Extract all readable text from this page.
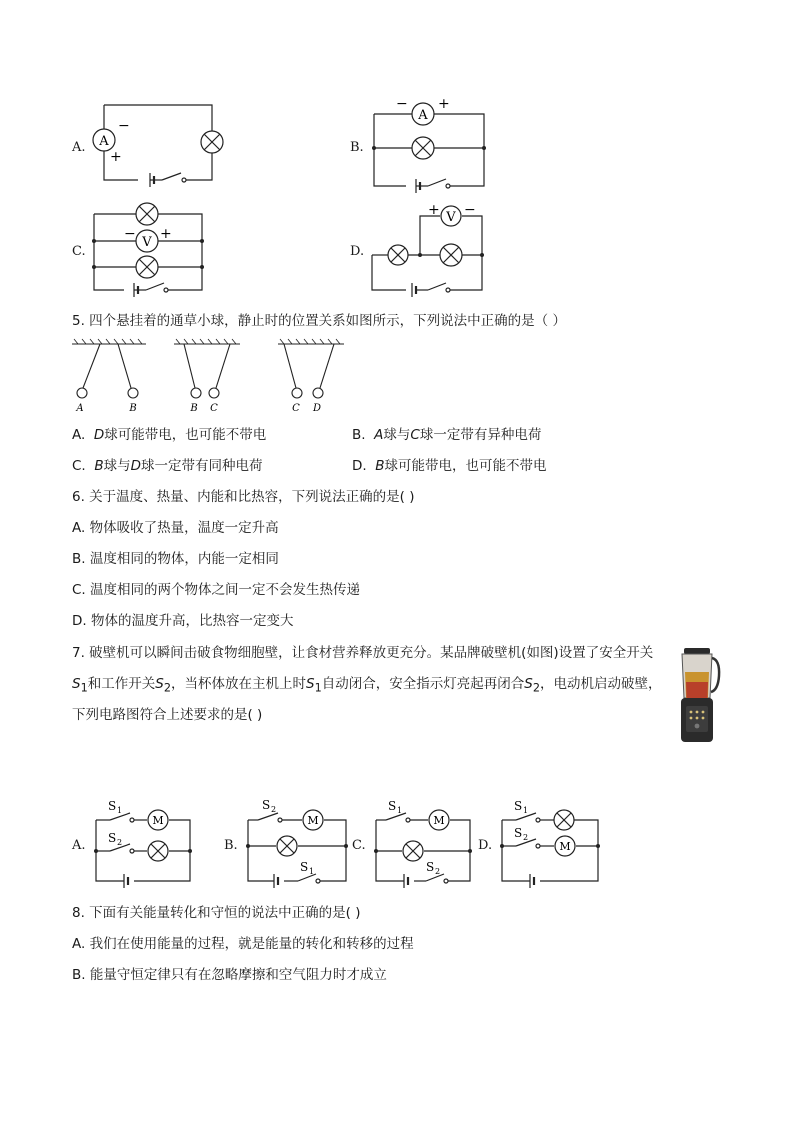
A. A
−
+
B.
A
− +
C.
V
− +
D.
V
+ −
5. 四个悬挂着的通草小球，静止时的位置关系如图所示，下列说法中正确的是（ ）
A	B	B C	C D
A. D球可能带电，也可能不带电	B. A球与C球一定带有异种电荷
C. B球与D球一定带有同种电荷	D. B球可能带电，也可能不带电
6. 关于温度、热量、内能和比热容，下列说法正确的是( )
A. 物体吸收了热量，温度一定升高
B. 温度相同的物体，内能一定相同
C. 温度相同的两个物体之间一定不会发生热传递
D. 物体的温度升高，比热容一定变大
7. 破壁机可以瞬间击破食物细胞壁，让食材营养释放更充分。某品牌破壁机(如图)设置了安全开关
$S_1$和工作开关$S_2$，当杯体放在主机上时$S_1$自动闭合，安全指示灯亮起再闭合$S_2$，电动机启动破壁，
下列电路图符合上述要求的是( )
A.
M
S 1
S 2	B.
M
S 2
S 1
C.
M
S 1
S 2
D.	M
S 1
S 2
8. 下面有关能量转化和守恒的说法中正确的是( )
A. 我们在使用能量的过程，就是能量的转化和转移的过程
B. 能量守恒定律只有在忽略摩擦和空气阻力时才成立
